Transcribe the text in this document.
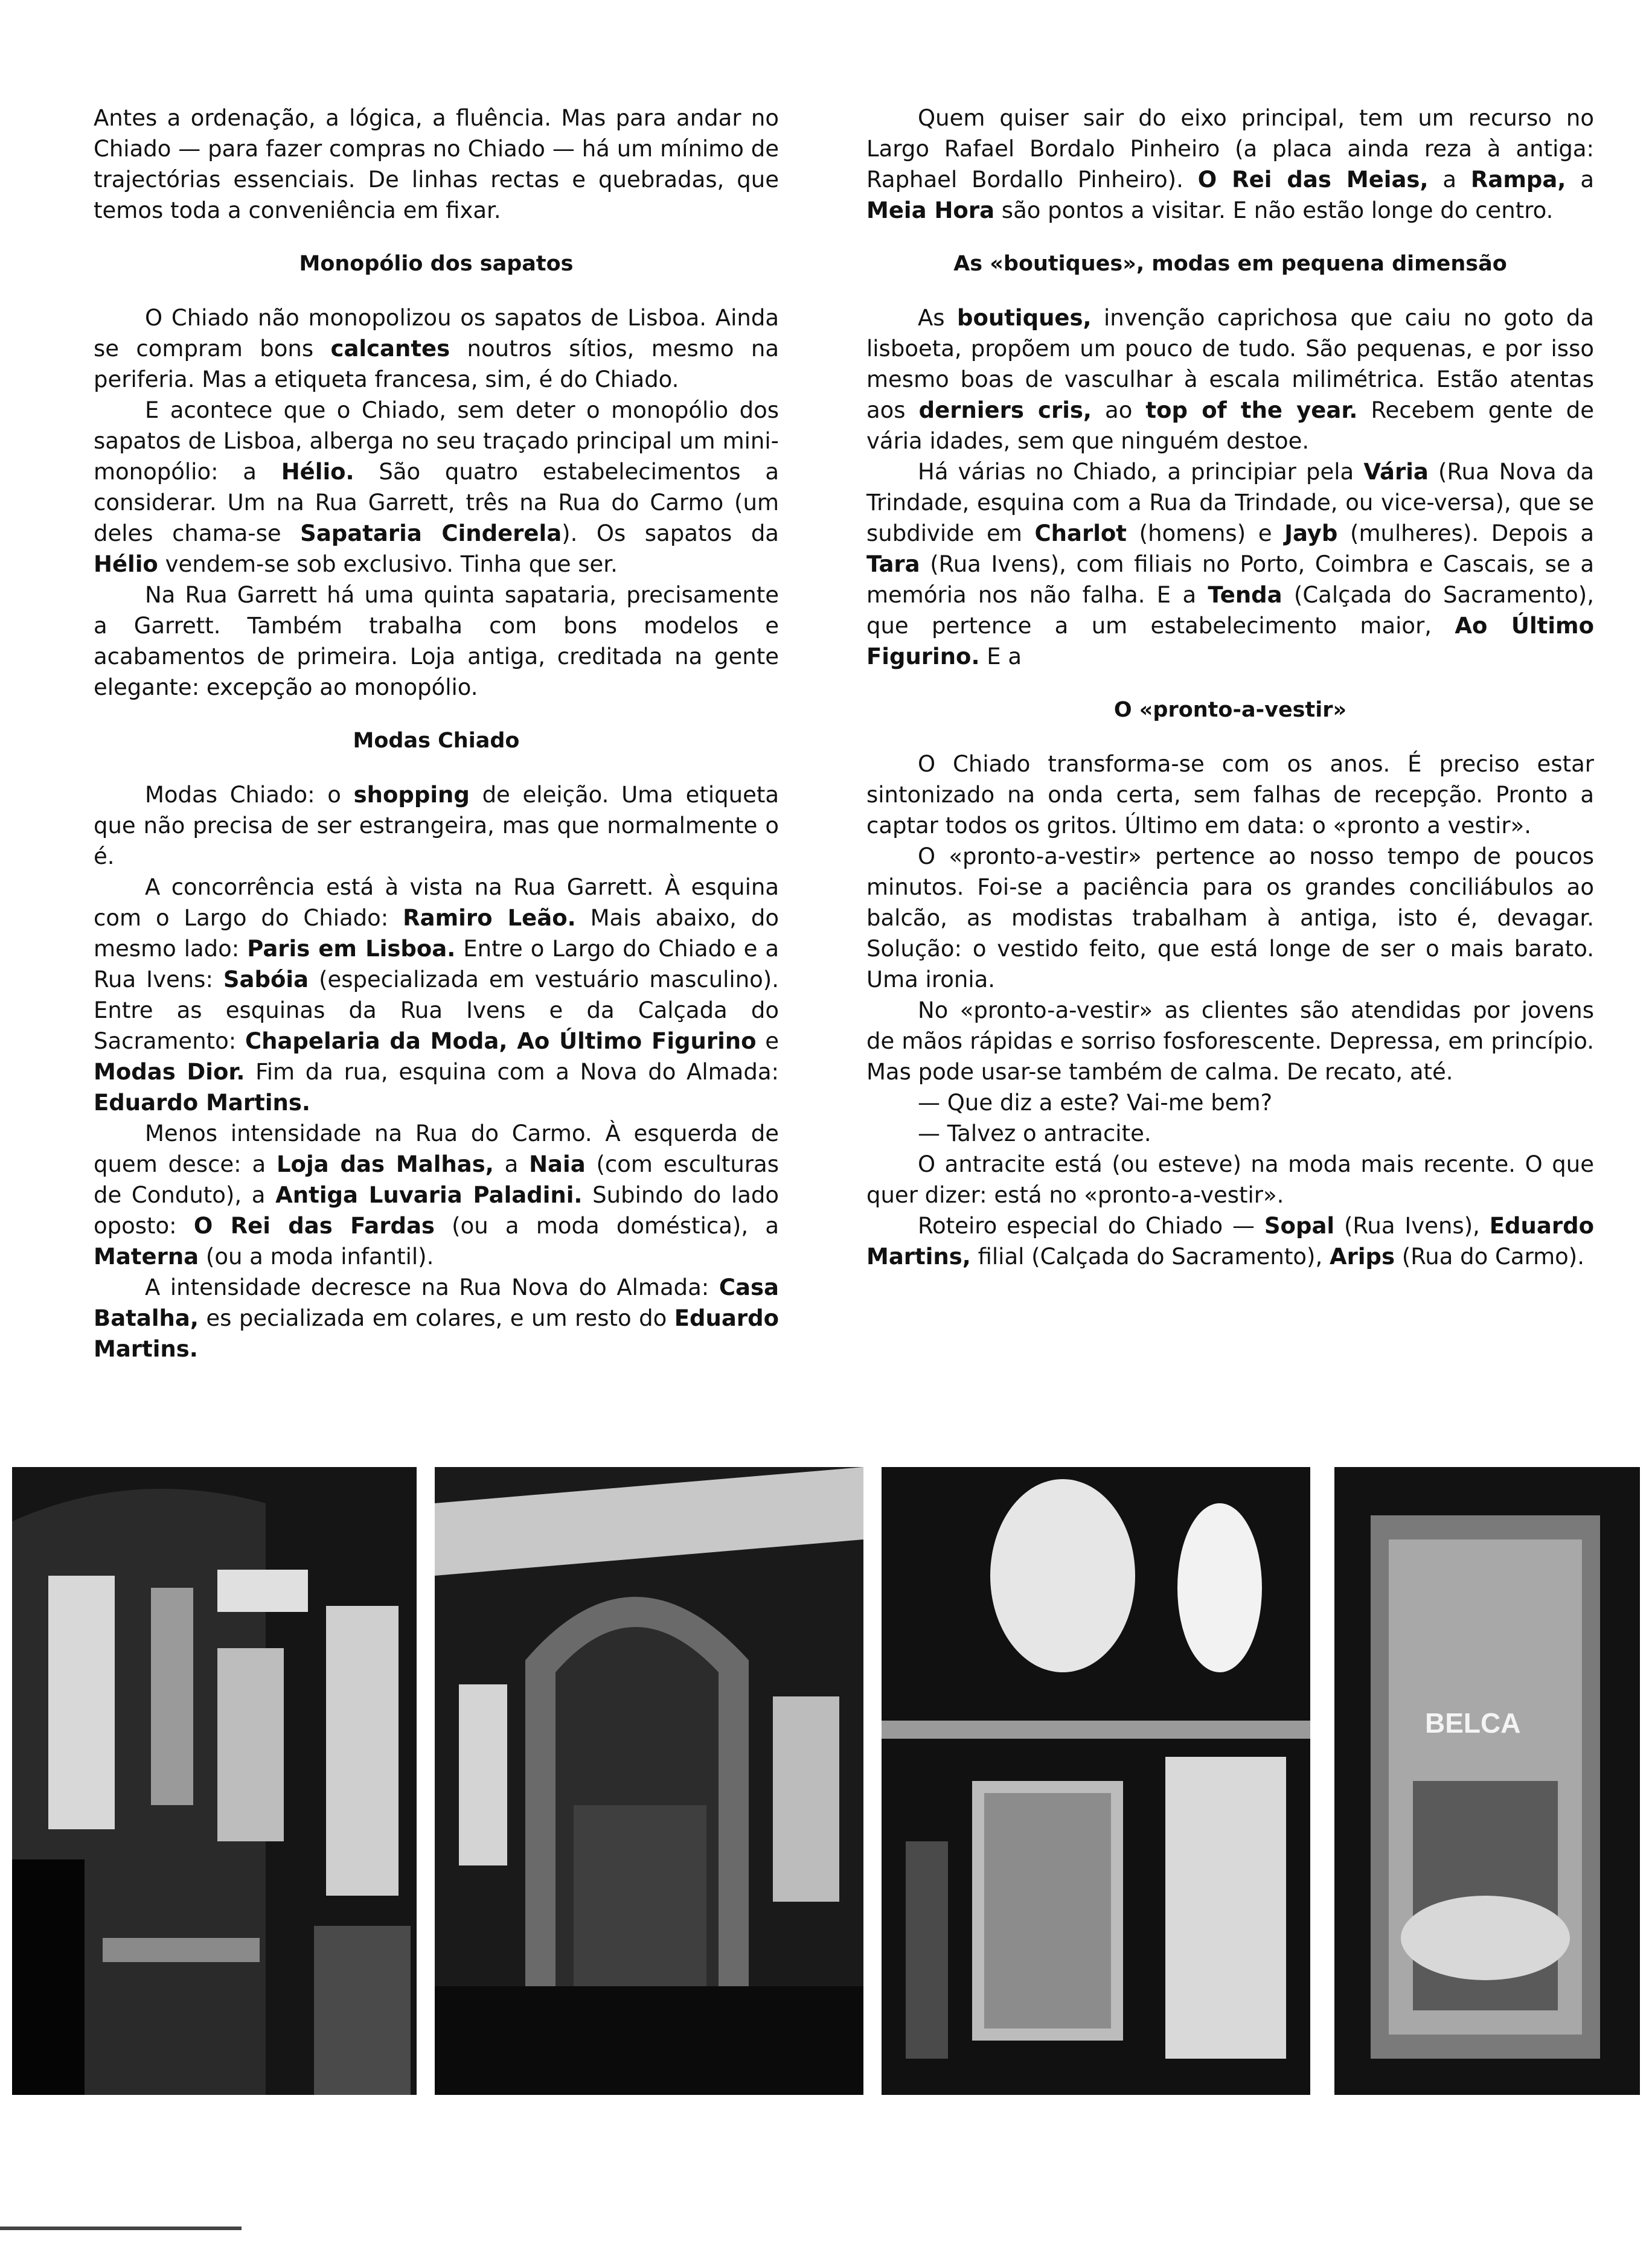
Antes a ordenação, a lógica, a fluência. Mas para andar no Chiado — para fazer compras no Chiado — há um mínimo de trajectórias essenciais. De linhas rectas e quebradas, que temos toda a conveniência em fixar.

Monopólio dos sapatos

O Chiado não monopolizou os sapatos de Lisboa. Ainda se compram bons calcantes noutros sítios, mesmo na periferia. Mas a etiqueta francesa, sim, é do Chiado.

E acontece que o Chiado, sem deter o monopólio dos sapatos de Lisboa, alberga no seu traçado principal um mini-monopólio: a Hélio. São quatro estabelecimentos a considerar. Um na Rua Garrett, três na Rua do Carmo (um deles chama-se Sapataria Cinderela). Os sapatos da Hélio vendem-se sob exclusivo. Tinha que ser.

Na Rua Garrett há uma quinta sapataria, precisamente a Garrett. Também trabalha com bons modelos e acabamentos de primeira. Loja antiga, creditada na gente elegante: excepção ao monopólio.

Modas Chiado

Modas Chiado: o shopping de eleição. Uma etiqueta que não precisa de ser estrangeira, mas que normalmente o é.

A concorrência está à vista na Rua Garrett. À esquina com o Largo do Chiado: Ramiro Leão. Mais abaixo, do mesmo lado: Paris em Lisboa. Entre o Largo do Chiado e a Rua Ivens: Sabóia (especializada em vestuário masculino). Entre as esquinas da Rua Ivens e da Calçada do Sacramento: Chapelaria da Moda, Ao Último Figurino e Modas Dior. Fim da rua, esquina com a Nova do Almada: Eduardo Martins.

Menos intensidade na Rua do Carmo. À esquerda de quem desce: a Loja das Malhas, a Naia (com esculturas de Conduto), a Antiga Luvaria Paladini. Subindo do lado oposto: O Rei das Fardas (ou a moda doméstica), a Materna (ou a moda infantil).

A intensidade decresce na Rua Nova do Almada: Casa Batalha, es pecializada em colares, e um resto do Eduardo Martins.

Quem quiser sair do eixo principal, tem um recurso no Largo Rafael Bordalo Pinheiro (a placa ainda reza à antiga: Raphael Bordallo Pinheiro). O Rei das Meias, a Rampa, a Meia Hora são pontos a visitar. E não estão longe do centro.

As «boutiques», modas em pequena dimensão

As boutiques, invenção caprichosa que caiu no goto da lisboeta, propõem um pouco de tudo. São pequenas, e por isso mesmo boas de vasculhar à escala milimétrica. Estão atentas aos derniers cris, ao top of the year. Recebem gente de vária idades, sem que ninguém destoe.

Há várias no Chiado, a principiar pela Vária (Rua Nova da Trindade, esquina com a Rua da Trindade, ou vice-versa), que se subdivide em Charlot (homens) e Jayb (mulheres). Depois a Tara (Rua Ivens), com filiais no Porto, Coimbra e Cascais, se a memória nos não falha. E a Tenda (Calçada do Sacramento), que pertence a um estabelecimento maior, Ao Último Figurino. E a

O «pronto-a-vestir»

O Chiado transforma-se com os anos. É preciso estar sintonizado na onda certa, sem falhas de recepção. Pronto a captar todos os gritos. Último em data: o «pronto a vestir».

O «pronto-a-vestir» pertence ao nosso tempo de poucos minutos. Foi-se a paciência para os grandes conciliábulos ao balcão, as modistas trabalham à antiga, isto é, devagar. Solução: o vestido feito, que está longe de ser o mais barato. Uma ironia.

No «pronto-a-vestir» as clientes são atendidas por jovens de mãos rápidas e sorriso fosforescente. Depressa, em princípio. Mas pode usar-se também de calma. De recato, até.

— Que diz a este? Vai-me bem?

— Talvez o antracite.

O antracite está (ou esteve) na moda mais recente. O que quer dizer: está no «pronto-a-vestir».

Roteiro especial do Chiado — Sopal (Rua Ivens), Eduardo Martins, filial (Calçada do Sacramento), Arips (Rua do Carmo).

BELCA
